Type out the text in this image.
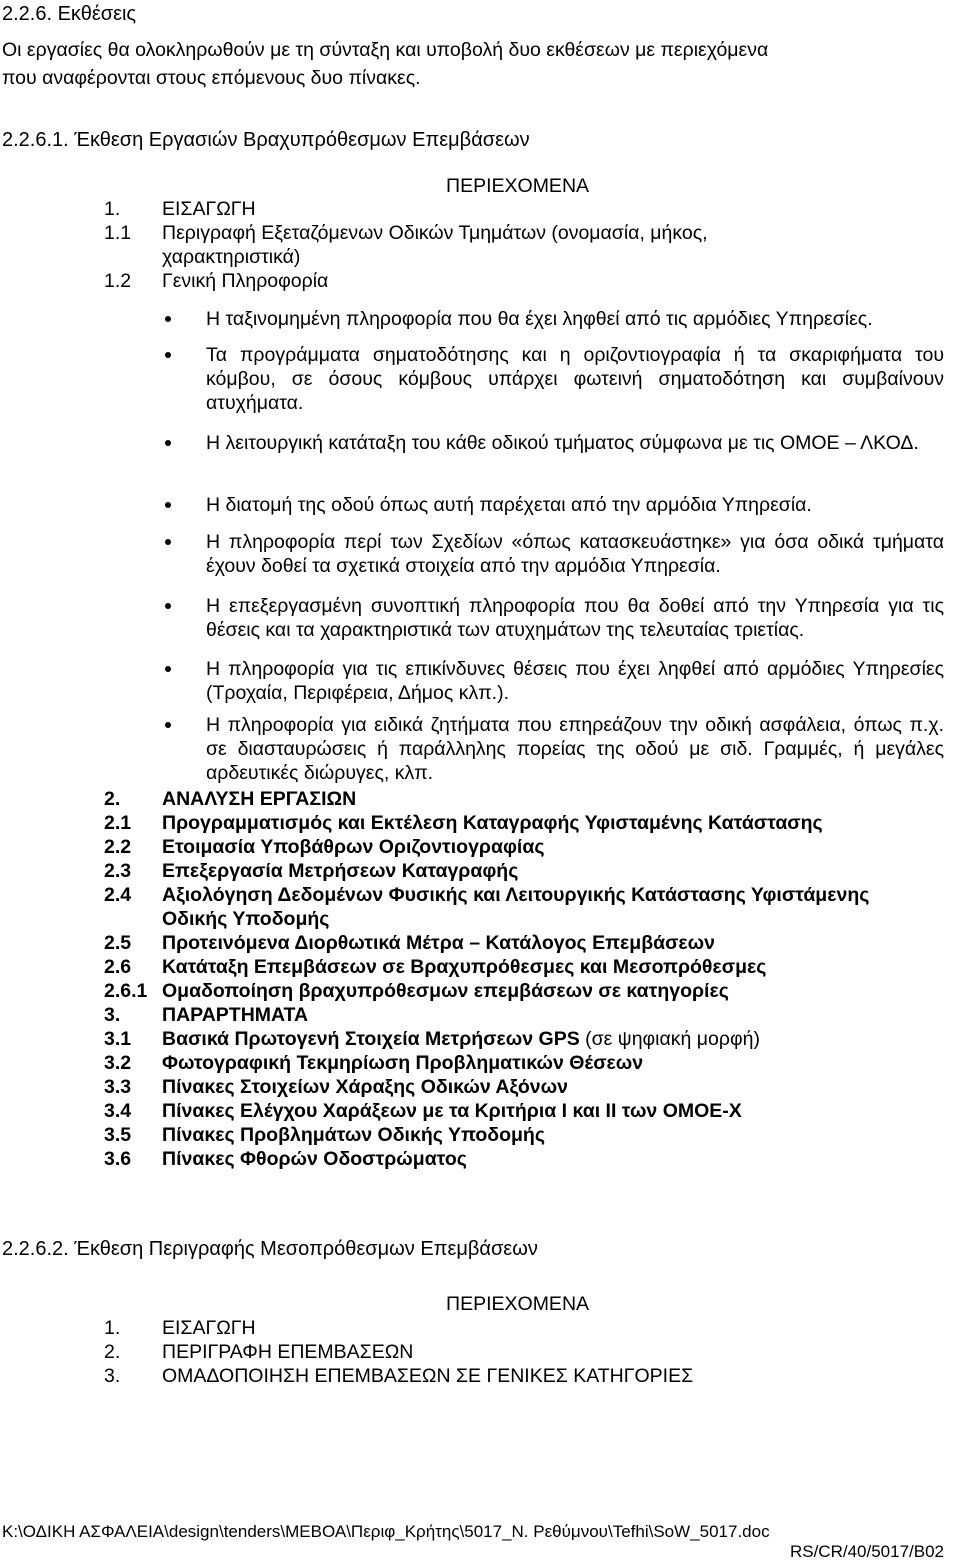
2.2.6. Εκθέσεις
Οι εργασίες θα ολοκληρωθούν με τη σύνταξη και υποβολή δυο εκθέσεων με περιεχόμενα
που αναφέρονται στους επόμενους δυο πίνακες.
2.2.6.1. Έκθεση Εργασιών Βραχυπρόθεσμων Επεμβάσεων
ΠΕΡΙΕΧΟΜΕΝΑ
1. ΕΙΣΑΓΩΓΗ
1.1 Περιγραφή Εξεταζόμενων Οδικών Τμημάτων (ονομασία, μήκος,
χαρακτηριστικά)
1.2 Γενική Πληροφορία
Η ταξινομημένη πληροφορία που θα έχει ληφθεί από τις αρμόδιες Υπηρεσίες.
Τα προγράμματα σηματοδότησης και η οριζοντιογραφία ή τα σκαριφήματα του κόμβου, σε όσους κόμβους υπάρχει φωτεινή σηματοδότηση και συμβαίνουν ατυχήματα.
Η λειτουργική κατάταξη του κάθε οδικού τμήματος σύμφωνα με τις ΟΜΟΕ – ΛΚΟΔ.
Η διατομή της οδού όπως αυτή παρέχεται από την αρμόδια Υπηρεσία.
Η πληροφορία περί των Σχεδίων «όπως κατασκευάστηκε» για όσα οδικά τμήματα έχουν δοθεί τα σχετικά στοιχεία από την αρμόδια Υπηρεσία.
Η επεξεργασμένη συνοπτική πληροφορία που θα δοθεί από την Υπηρεσία για τις θέσεις και τα χαρακτηριστικά των ατυχημάτων της τελευταίας τριετίας.
Η πληροφορία για τις επικίνδυνες θέσεις που έχει ληφθεί από αρμόδιες Υπηρεσίες (Τροχαία, Περιφέρεια, Δήμος κλπ.).
Η πληροφορία για ειδικά ζητήματα που επηρεάζουν την οδική ασφάλεια, όπως π.χ. σε διασταυρώσεις ή παράλληλης πορείας της οδού με σιδ. Γραμμές, ή μεγάλες αρδευτικές διώρυγες, κλπ.
2. ΑΝΑΛΥΣΗ ΕΡΓΑΣΙΩΝ
2.1 Προγραμματισμός και Εκτέλεση Καταγραφής Υφισταμένης Κατάστασης
2.2 Ετοιμασία Υποβάθρων Οριζοντιογραφίας
2.3 Επεξεργασία Μετρήσεων Καταγραφής
2.4 Αξιολόγηση Δεδομένων Φυσικής και Λειτουργικής Κατάστασης Υφιστάμενης
Οδικής Υποδομής
2.5 Προτεινόμενα Διορθωτικά Μέτρα – Κατάλογος Επεμβάσεων
2.6 Κατάταξη Επεμβάσεων σε Βραχυπρόθεσμες και Μεσοπρόθεσμες
2.6.1 Ομαδοποίηση βραχυπρόθεσμων επεμβάσεων σε κατηγορίες
3. ΠΑΡΑΡΤΗΜΑΤΑ
3.1 Βασικά Πρωτογενή Στοιχεία Μετρήσεων GPS (σε ψηφιακή μορφή)
3.2 Φωτογραφική Τεκμηρίωση Προβληματικών Θέσεων
3.3 Πίνακες Στοιχείων Χάραξης Οδικών Αξόνων
3.4 Πίνακες Ελέγχου Χαράξεων με τα Κριτήρια Ι και ΙΙ των ΟΜΟΕ-Χ
3.5 Πίνακες Προβλημάτων Οδικής Υποδομής
3.6 Πίνακες Φθορών Οδοστρώματος
2.2.6.2. Έκθεση Περιγραφής Μεσοπρόθεσμων Επεμβάσεων
ΠΕΡΙΕΧΟΜΕΝΑ
1. ΕΙΣΑΓΩΓΗ
2. ΠΕΡΙΓΡΑΦΗ ΕΠΕΜΒΑΣΕΩΝ
3. ΟΜΑΔΟΠΟΙΗΣΗ ΕΠΕΜΒΑΣΕΩΝ ΣΕ ΓΕΝΙΚΕΣ ΚΑΤΗΓΟΡΙΕΣ
K:\ΟΔΙΚΗ ΑΣΦΑΛΕΙΑ\design\tenders\ΜΕΒΟΑ\Περιφ_Κρήτης\5017_Ν. Ρεθύμνου\Tefhi\SoW_5017.doc
RS/CR/40/5017/B02
